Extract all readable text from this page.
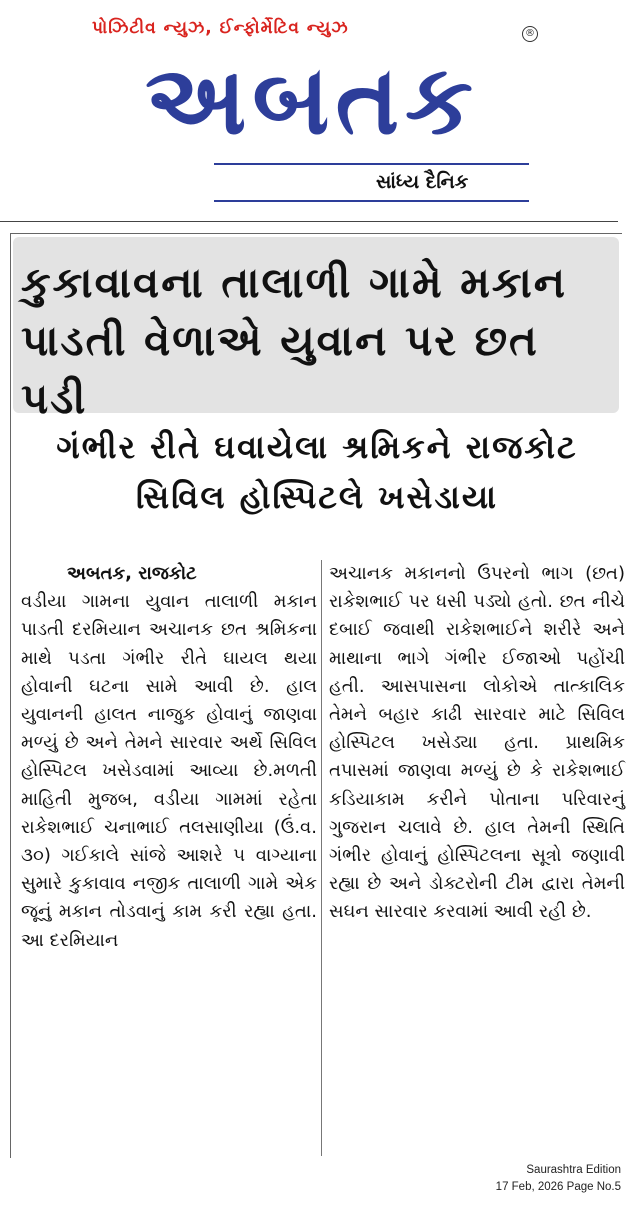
પોઝિટીવ ન્યુઝ, ઈન્ફોર્મેટિવ ન્યુઝ	®
અબતક
સાંધ્ય દૈનિક
કુકાવાવના તાલાળી ગામે મકાન પાડતી વેળાએ યુવાન પર છત પડી
ગંભીર રીતે ઘવાયેલા શ્રમિકને રાજકોટ સિવિલ હોસ્પિટલે ખસેડાયા

અબતક, રાજકોટ
વડીયા ગામના યુવાન તાલાળી મકાન પાડતી દરમિયાન અચાનક છત શ્રમિકના માથે પડતા ગંભીર રીતે ઘાયલ થયા હોવાની ઘટના સામે આવી છે. હાલ યુવાનની હાલત નાજુક હોવાનું જાણવા મળ્યું છે અને તેમને સારવાર અર્થે સિવિલ હોસ્પિટલ ખસેડવામાં આવ્યા છે.મળતી માહિતી મુજબ, વડીયા ગામમાં રહેતા રાકેશભાઈ ચનાભાઈ તલસાણીયા (ઉં.વ. ૩૦) ગઈકાલે સાંજે આશરે ૫ વાગ્યાના સુમારે કુકાવાવ નજીક તાલાળી ગામે એક જૂનું મકાન તોડવાનું કામ કરી રહ્યા હતા. આ દરમિયાન

અચાનક મકાનનો ઉપરનો ભાગ (છત) રાકેશભાઈ પર ધસી પડ્યો હતો. છત નીચે દબાઈ જવાથી રાકેશભાઈને શરીરે અને માથાના ભાગે ગંભીર ઈજાઓ પહોંચી હતી. આસપાસના લોકોએ તાત્કાલિક તેમને બહાર કાઢી સારવાર માટે સિવિલ હોસ્પિટલ ખસેડ્યા હતા. પ્રાથમિક તપાસમાં જાણવા મળ્યું છે કે રાકેશભાઈ કડિયાકામ કરીને પોતાના પરિવારનું ગુજરાન ચલાવે છે. હાલ તેમની સ્થિતિ ગંભીર હોવાનું હોસ્પિટલના સૂત્રો જણાવી રહ્યા છે અને ડોક્ટરોની ટીમ દ્વારા તેમની સઘન સારવાર કરવામાં આવી રહી છે.

Saurashtra Edition
17 Feb, 2026 Page No.5
